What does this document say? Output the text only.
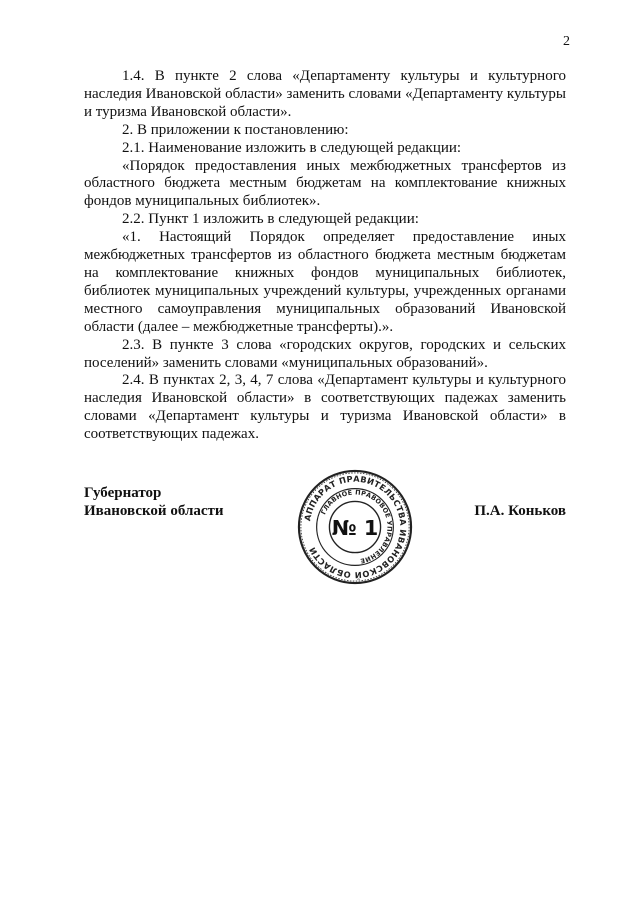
2

1.4. В пункте 2 слова «Департаменту культуры и культурного наследия Ивановской области» заменить словами «Департаменту культуры и туризма Ивановской области».

2. В приложении к постановлению:

2.1. Наименование изложить в следующей редакции:

«Порядок предоставления иных межбюджетных трансфертов из областного бюджета местным бюджетам на комплектование книжных фондов муниципальных библиотек».

2.2. Пункт 1 изложить в следующей редакции:

«1. Настоящий Порядок определяет предоставление иных межбюджетных трансфертов из областного бюджета местным бюджетам на комплектование книжных фондов муниципальных библиотек, библиотек муниципальных учреждений культуры, учрежденных органами местного самоуправления муниципальных образований Ивановской области (далее – межбюджетные трансферты).».

2.3. В пункте 3 слова «городских округов, городских и сельских поселений» заменить словами «муниципальных образований».

2.4. В пунктах 2, 3, 4, 7 слова «Департамент культуры и культурного наследия Ивановской области» в соответствующих падежах заменить словами «Департамент культуры и туризма Ивановской области» в соответствующих падежах.

Губернатор
Ивановской области	АППАРАТ ПРАВИТЕЛЬСТВА ИВАНОВСКОЙ ОБЛАСТИ
ГЛАВНОЕ ПРАВОВОЕ УПРАВЛЕНИЕ
№ 1
П.А. Коньков
